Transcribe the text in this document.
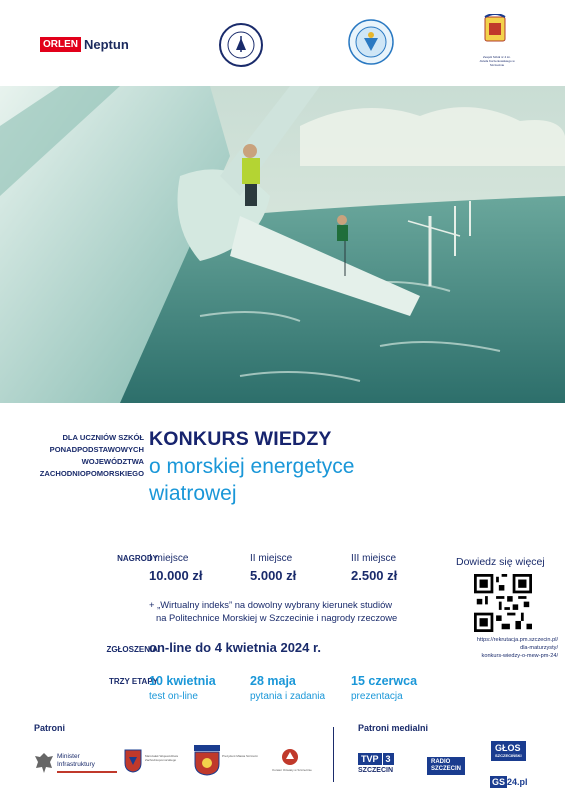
ORLEN Neptun
Zespół Szkół nr 4 im. Józefa Korzeniowskiego w Szczecinie
DLA UCZNIÓW SZKÓŁ
PONADPODSTAWOWYCH
WOJEWÓDZTWA
ZACHODNIOPOMORSKIEGO
KONKURS WIEDZY
o morskiej energetyce
wiatrowej
NAGRODY
I miejsce
10.000 zł
II miejsce
5.000 zł
III miejsce
2.500 zł
+ „Wirtualny indeks” na dowolny wybrany kierunek studiów
na Politechnice Morskiej w Szczecinie i nagrody rzeczowe
ZGŁOSZENIA
on-line do 4 kwietnia 2024 r.
TRZY ETAPY
10 kwietnia
test on-line
28 maja
pytania i zadania
15 czerwca
prezentacja
Dowiedz się więcej
https://rekrutacja.pm.szczecin.pl/
dla-maturzysty/
konkurs-wiedzy-o-mew-pm-24/
Patroni	Patroni medialni
Minister
Infrastruktury
Marszałek Województwa Zachodniopomorskiego
Prezydent Miasta Szczecin
Kurator Oświaty w Szczecinie
TVP 3
SZCZECIN
RADIO
SZCZECIN
GŁOS
SZCZECIŃSKI
GS 24.pl
